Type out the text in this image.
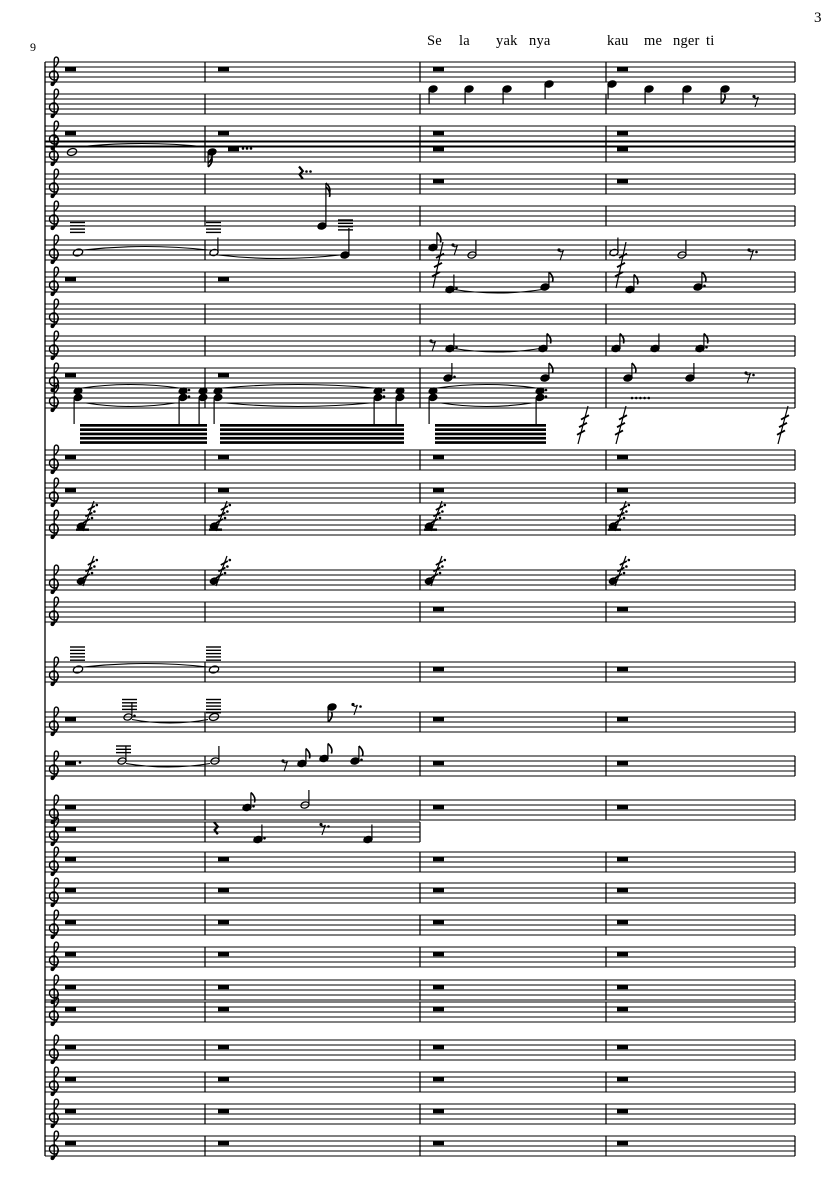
3
9	Se la yak nya	kau me nger ti
